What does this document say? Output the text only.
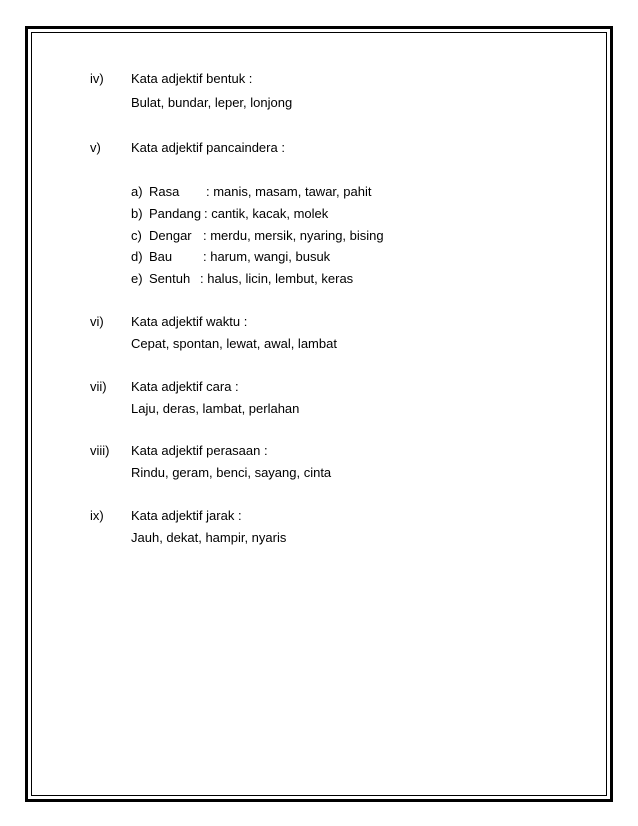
iv) Kata adjektif bentuk :
Bulat, bundar, leper, lonjong
v) Kata adjektif pancaindera :
a) Rasa : manis, masam, tawar, pahit
b) Pandang : cantik, kacak, molek
c) Dengar : merdu, mersik, nyaring, bising
d) Bau : harum, wangi, busuk
e) Sentuh : halus, licin, lembut, keras
vi) Kata adjektif waktu :
Cepat, spontan, lewat, awal, lambat
vii) Kata adjektif cara :
Laju, deras, lambat, perlahan
viii) Kata adjektif perasaan :
Rindu, geram, benci, sayang, cinta
ix) Kata adjektif jarak :
Jauh, dekat, hampir, nyaris
